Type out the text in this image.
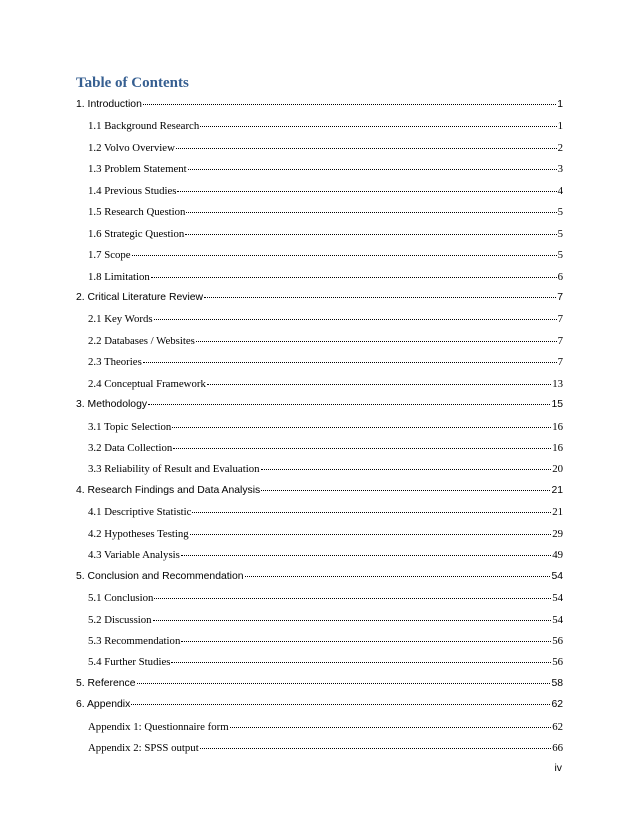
Table of Contents
1. Introduction	1
1.1 Background Research	1
1.2 Volvo Overview	2
1.3 Problem Statement	3
1.4 Previous Studies	4
1.5 Research Question	5
1.6 Strategic Question	5
1.7 Scope	5
1.8 Limitation	6
2. Critical Literature Review	7
2.1 Key Words	7
2.2 Databases / Websites	7
2.3 Theories	7
2.4 Conceptual Framework	13
3. Methodology	15
3.1 Topic Selection	16
3.2 Data Collection	16
3.3 Reliability of Result and Evaluation	20
4. Research Findings and Data Analysis	21
4.1 Descriptive Statistic	21
4.2 Hypotheses Testing	29
4.3 Variable Analysis	49
5. Conclusion and Recommendation	54
5.1 Conclusion	54
5.2 Discussion	54
5.3 Recommendation	56
5.4 Further Studies	56
5. Reference	58
6. Appendix	62
Appendix 1: Questionnaire form	62
Appendix 2: SPSS output	66
iv
